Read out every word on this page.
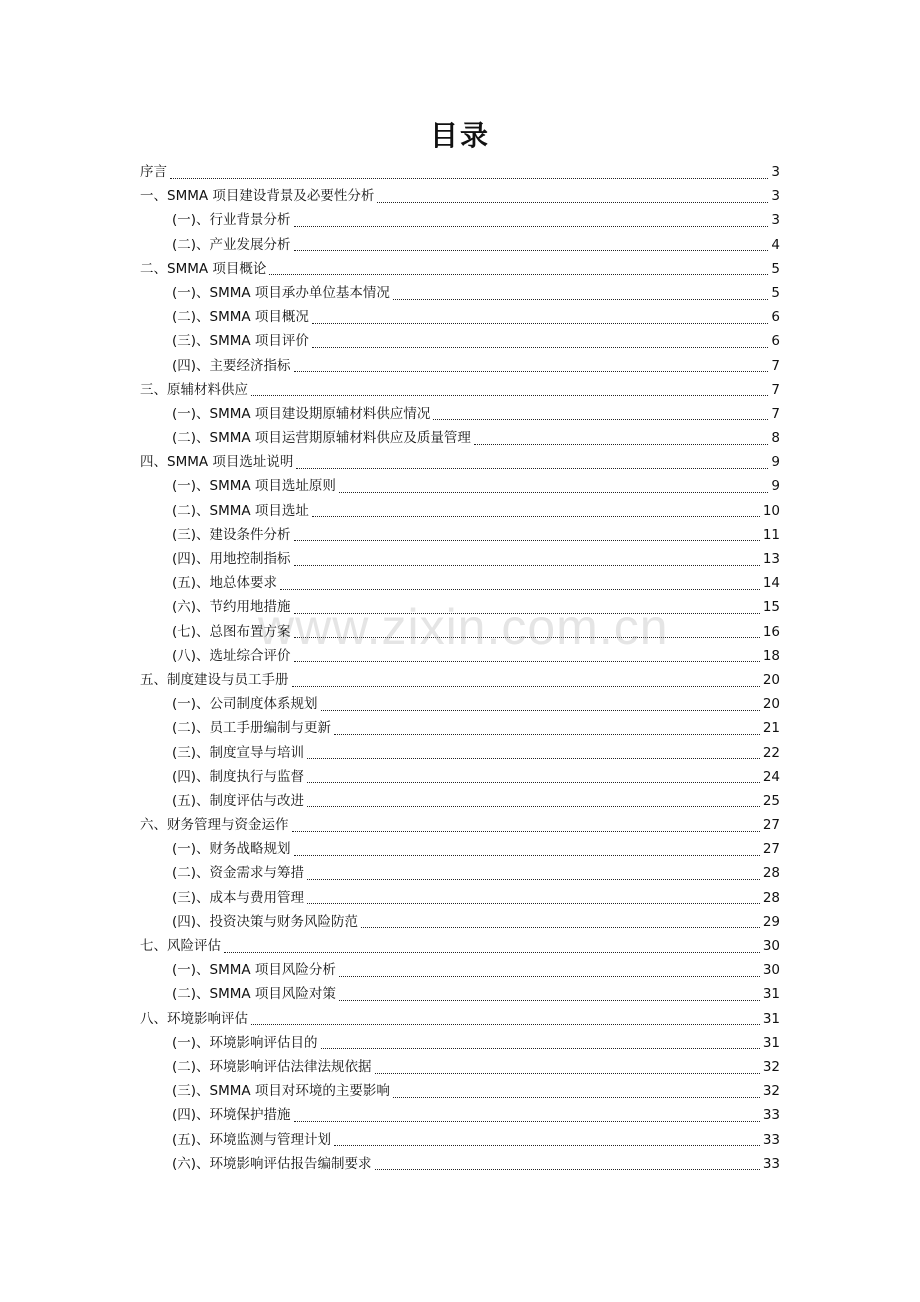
目录
序言	3
一、SMMA 项目建设背景及必要性分析	3
(一)、行业背景分析	3
(二)、产业发展分析	4
二、SMMA 项目概论	5
(一)、SMMA 项目承办单位基本情况	5
(二)、SMMA 项目概况	6
(三)、SMMA 项目评价	6
(四)、主要经济指标	7
三、原辅材料供应	7
(一)、SMMA 项目建设期原辅材料供应情况	7
(二)、SMMA 项目运营期原辅材料供应及质量管理	8
四、SMMA 项目选址说明	9
(一)、SMMA 项目选址原则	9
(二)、SMMA 项目选址	10
(三)、建设条件分析	11
(四)、用地控制指标	13
(五)、地总体要求	14
(六)、节约用地措施	15
(七)、总图布置方案	16
(八)、选址综合评价	18
五、制度建设与员工手册	20
(一)、公司制度体系规划	20
(二)、员工手册编制与更新	21
(三)、制度宣导与培训	22
(四)、制度执行与监督	24
(五)、制度评估与改进	25
六、财务管理与资金运作	27
(一)、财务战略规划	27
(二)、资金需求与筹措	28
(三)、成本与费用管理	28
(四)、投资决策与财务风险防范	29
七、风险评估	30
(一)、SMMA 项目风险分析	30
(二)、SMMA 项目风险对策	31
八、环境影响评估	31
(一)、环境影响评估目的	31
(二)、环境影响评估法律法规依据	32
(三)、SMMA 项目对环境的主要影响	32
(四)、环境保护措施	33
(五)、环境监测与管理计划	33
(六)、环境影响评估报告编制要求	33
www.zixin.com.cn
